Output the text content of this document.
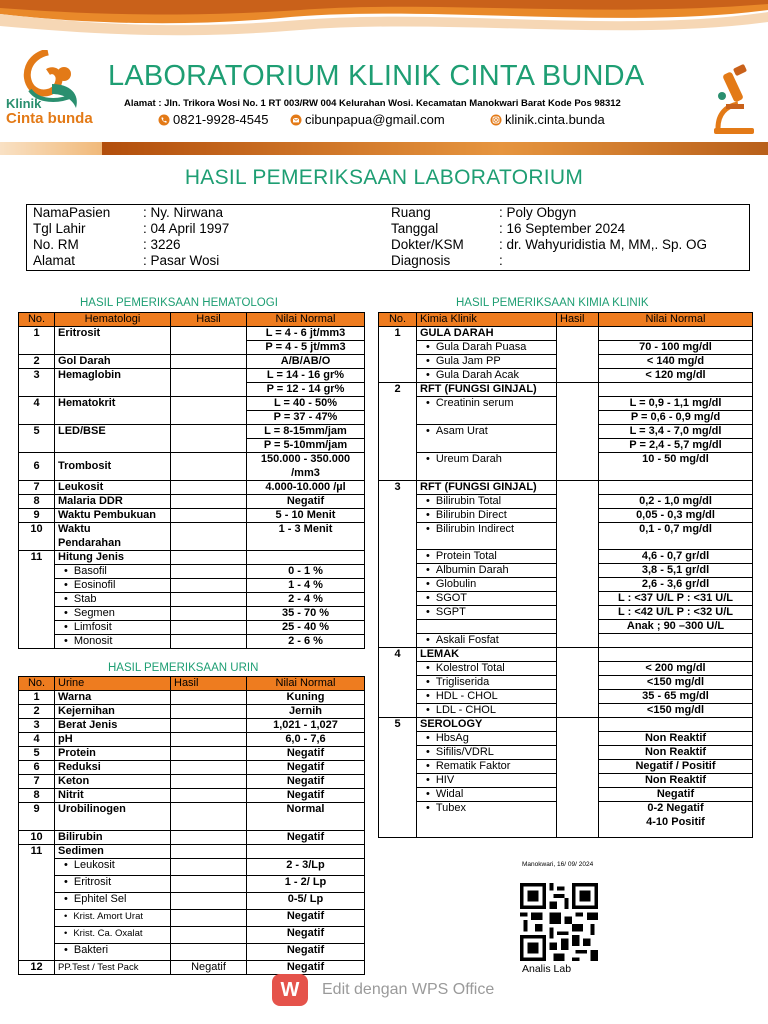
Klinik
Cinta bunda
LABORATORIUM KLINIK CINTA BUNDA
Alamat : Jln. Trikora Wosi No. 1 RT 003/RW 004 Kelurahan Wosi. Kecamatan Manokwari Barat Kode Pos 98312
0821-9928-4545	cibunpapua@gmail.com	klinik.cinta.bunda
HASIL PEMERIKSAAN LABORATORIUM
NamaPasien : Ny. Nirwana	Ruang	: Poly Obgyn
Tgl Lahir	: 04 April 1997	Tanggal	: 16 September 2024
No. RM	: 3226	Dokter/KSM	: dr. Wahyuridistia M, MM,. Sp. OG
Alamat	: Pasar Wosi	Diagnosis	:
HASIL PEMERIKSAAN HEMATOLOGI
No.	Hematologi	Hasil	Nilai Normal
1	Eritrosit		L = 4 - 6 jt/mm3
			P = 4 - 5 jt/mm3
2	Gol Darah		A/B/AB/O
3	Hemaglobin		L = 14 - 16 gr%
			P = 12 - 14 gr%
4	Hematokrit		L = 40 - 50%
			P = 37 - 47%
5	LED/BSE		L = 8-15mm/jam
			P = 5-10mm/jam
6	Trombosit		150.000 - 350.000
			/mm3
7	Leukosit		4.000-10.000 /µl
8	Malaria DDR		Negatif
9	Waktu Pembukuan		5 - 10 Menit
10	Waktu		1 - 3 Menit
	Pendarahan		
11	Hitung Jenis		
	• Basofil		0 - 1 %
	• Eosinofil		1 - 4 %
	• Stab		2 - 4 %
	• Segmen		35 - 70 %
	• Limfosit		25 - 40 %
	• Monosit		2 - 6 %
HASIL PEMERIKSAAN URIN
No.	Urine	Hasil	Nilai Normal
1	Warna		Kuning
2	Kejernihan		Jernih
3	Berat Jenis		1,021 - 1,027
4	pH		6,0 - 7,6
5	Protein		Negatif
6	Reduksi		Negatif
7	Keton		Negatif
8	Nitrit		Negatif
9	Urobilinogen		Normal
10	Bilirubin		Negatif
11	Sedimen		
	• Leukosit		2 - 3/Lp
	• Eritrosit		1 - 2/ Lp
	• Ephitel Sel		0-5/ Lp
	• Krist. Amort Urat		Negatif
	• Krist. Ca. Oxalat		Negatif
	• Bakteri		Negatif
12	PP.Test / Test Pack	Negatif	Negatif
HASIL PEMERIKSAAN KIMIA KLINIK
No.	Kimia Klinik	Hasil	Nilai Normal
1	GULA DARAH		
	• Gula Darah Puasa		70 - 100 mg/dl
	• Gula Jam PP		< 140 mg/d
	• Gula Darah Acak		< 120 mg/dl
2	RFT (FUNGSI GINJAL)		
	• Creatinin serum		L = 0,9 - 1,1 mg/dl
			P = 0,6 - 0,9 mg/d
	• Asam Urat		L = 3,4 - 7,0 mg/dl
			P = 2,4 - 5,7 mg/dl
	• Ureum Darah		10 - 50 mg/dl
3	RFT (FUNGSI GINJAL)		
	• Bilirubin Total		0,2 - 1,0 mg/dl
	• Bilirubin Direct		0,05 - 0,3 mg/dl
	• Bilirubin Indirect		0,1 - 0,7 mg/dl
	• Protein Total		4,6 - 0,7 gr/dl
	• Albumin Darah		3,8 - 5,1 gr/dl
	• Globulin		2,6 - 3,6 gr/dl
	• SGOT		L : <37 U/L P : <31 U/L
	• SGPT		L : <42 U/L P : <32 U/L
			Anak ; 90 –300 U/L
	• Askali Fosfat		
4	LEMAK		
	• Kolestrol Total		< 200 mg/dl
	• Trigliserida		<150 mg/dl
	• HDL - CHOL		35 - 65 mg/dl
	• LDL - CHOL		<150 mg/dl
5	SEROLOGY		
	• HbsAg		Non Reaktif
	• Sifilis/VDRL		Non Reaktif
	• Rematik Faktor		Negatif / Positif
	• HIV		Non Reaktif
	• Widal		Negatif
	• Tubex		0-2 Negatif
			4-10 Positif
Manokwari, 16/ 09/ 2024
Analis Lab
W	Edit dengan WPS Office
